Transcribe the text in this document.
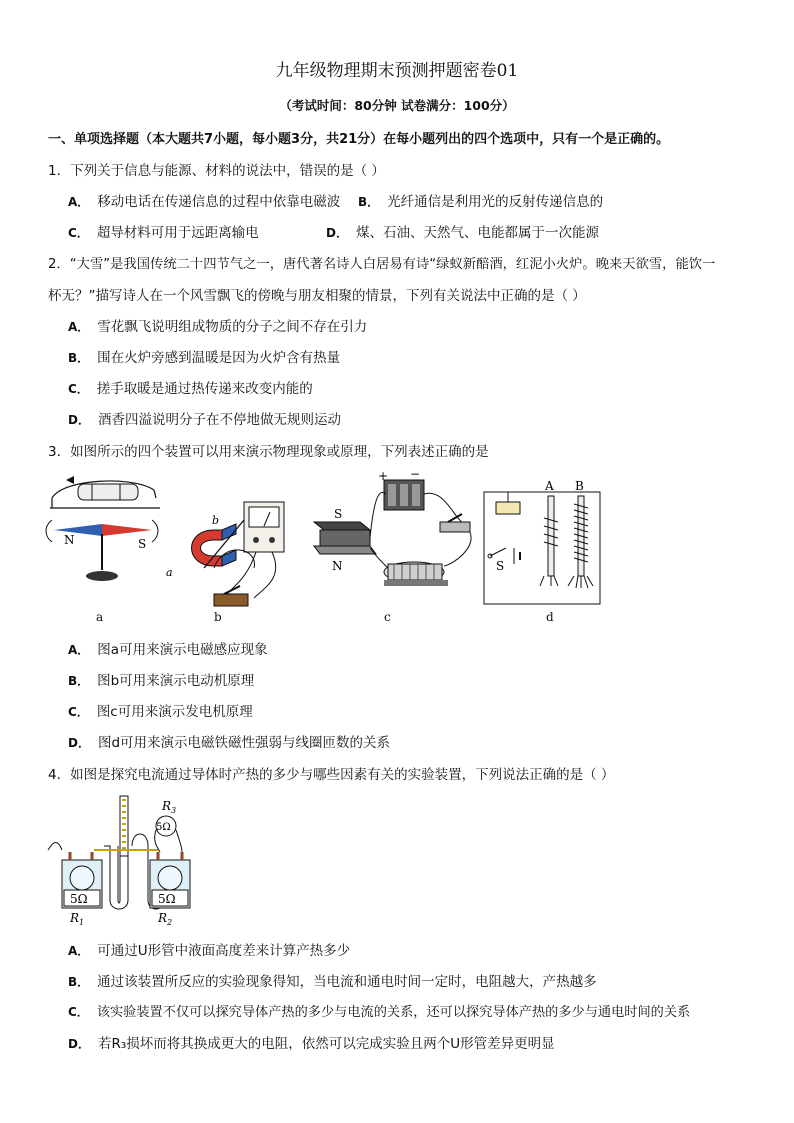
九年级物理期末预测押题密卷01
（考试时间：80分钟 试卷满分：100分）
一、单项选择题（本大题共7小题，每小题3分，共21分）在每小题列出的四个选项中，只有一个是正确的。
1．下列关于信息与能源、材料的说法中，错误的是（ ）
A． 移动电话在传递信息的过程中依靠电磁波 B． 光纤通信是利用光的反射传递信息的
C． 超导材料可用于远距离输电	D． 煤、石油、天然气、电能都属于一次能源
2．“大雪”是我国传统二十四节气之一，唐代著名诗人白居易有诗“绿蚁新醅酒，红泥小火炉。晚来天欲雪，能饮一
杯无？”描写诗人在一个风雪飘飞的傍晚与朋友相聚的情景，下列有关说法中正确的是（ ）
A． 雪花飘飞说明组成物质的分子之间不存在引力
B． 围在火炉旁感到温暖是因为火炉含有热量
C． 搓手取暖是通过热传递来改变内能的
D． 酒香四溢说明分子在不停地做无规则运动
3．如图所示的四个装置可以用来演示物理现象或原理，下列表述正确的是
N	S
a
b
+ −
S
N	S
A B
a	b	c	d
A． 图a可用来演示电磁感应现象
B． 图b可用来演示电动机原理
C． 图c可用来演示发电机原理
D． 图d可用来演示电磁铁磁性强弱与线圈匝数的关系
4．如图是探究电流通过导体时产热的多少与哪些因素有关的实验装置，下列说法正确的是（ ）
5Ω	5Ω
5Ω
$R_3$
$R_1$	$R_2$
A． 可通过U形管中液面高度差来计算产热多少
B． 通过该装置所反应的实验现象得知，当电流和通电时间一定时，电阻越大，产热越多
C． 该实验装置不仅可以探究导体产热的多少与电流的关系，还可以探究导体产热的多少与通电时间的关系
D． 若R₃损坏而将其换成更大的电阻，依然可以完成实验且两个U形管差异更明显
